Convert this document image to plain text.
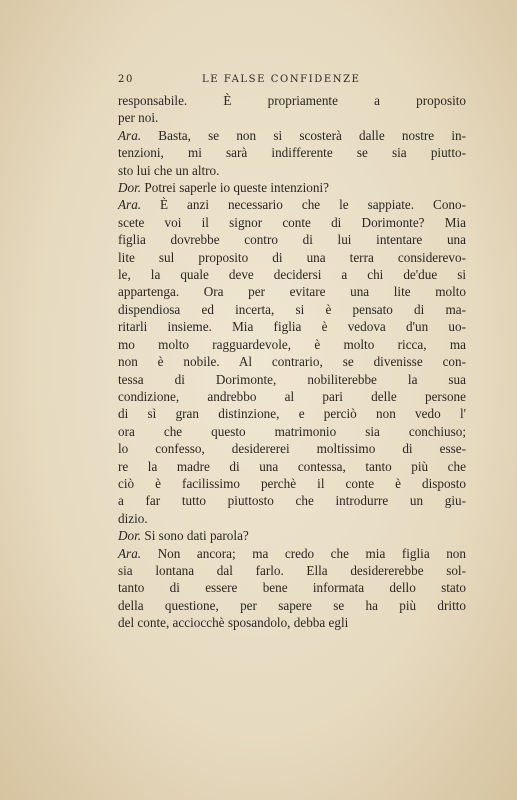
20	LE FALSE CONFIDENZE
responsabile. È propriamente a proposito
per noi.
Ara. Basta, se non si scosterà dalle nostre in-
tenzioni, mi sarà indifferente se sia piutto-
sto lui che un altro.
Dor. Potrei saperle io queste intenzioni?
Ara. È anzi necessario che le sappiate. Cono-
scete voi il signor conte di Dorimonte? Mia
figlia dovrebbe contro di lui intentare una
lite sul proposito di una terra considerevo-
le, la quale deve decidersi a chi de'due si
appartenga. Ora per evitare una lite molto
dispendiosa ed incerta, si è pensato di ma-
ritarli insieme. Mia figlia è vedova d'un uo-
mo molto ragguardevole, è molto ricca, ma
non è nobile. Al contrario, se divenisse con-
tessa di Dorimonte, nobiliterebbe la sua
condizione, andrebbo al pari delle persone
di sì gran distinzione, e perciò non vedo l'
ora che questo matrimonio sia conchiuso;
lo confesso, desidererei moltissimo di esse-
re la madre di una contessa, tanto più che
ciò è facilissimo perchè il conte è disposto
a far tutto piuttosto che introdurre un giu-
dizio.
Dor. Si sono dati parola?
Ara. Non ancora; ma credo che mia figlia non
sia lontana dal farlo. Ella desidererebbe sol-
tanto di essere bene informata dello stato
della questione, per sapere se ha più dritto
del conte, acciocchè sposandolo, debba egli
